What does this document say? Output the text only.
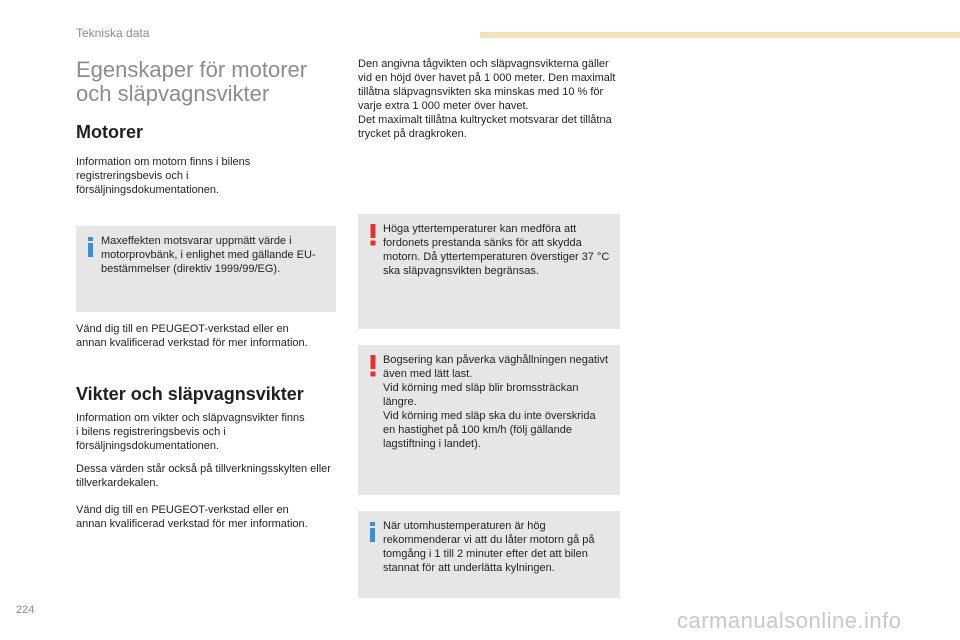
Tekniska data
Egenskaper för motorer och släpvagnsvikter
Motorer
Information om motorn finns i bilens registreringsbevis och i försäljningsdokumentationen.
Maxeffekten motsvarar uppmätt värde i motorprovbänk, i enlighet med gällande EU-bestämmelser (direktiv 1999/99/EG).
Vänd dig till en PEUGEOT-verkstad eller en annan kvalificerad verkstad för mer information.
Vikter och släpvagnsvikter
Information om vikter och släpvagnsvikter finns i bilens registreringsbevis och i försäljningsdokumentationen.
Dessa värden står också på tillverkningsskylten eller tillverkardekalen.
Vänd dig till en PEUGEOT-verkstad eller en annan kvalificerad verkstad för mer information.
Den angivna tågvikten och släpvagnsvikterna gäller vid en höjd över havet på 1 000 meter. Den maximalt tillåtna släpvagnsvikten ska minskas med 10 % för varje extra 1 000 meter över havet.
Det maximalt tillåtna kultrycket motsvarar det tillåtna trycket på dragkroken.
Höga yttertemperaturer kan medföra att fordonets prestanda sänks för att skydda motorn. Då yttertemperaturen överstiger 37 °C ska släpvagnsvikten begränsas.
Bogsering kan påverka väghållningen negativt även med lätt last.
Vid körning med släp blir bromssträckan längre.
Vid körning med släp ska du inte överskrida en hastighet på 100 km/h (följ gällande lagstiftning i landet).
När utomhustemperaturen är hög rekommenderar vi att du låter motorn gå på tomgång i 1 till 2 minuter efter det att bilen stannat för att underlätta kylningen.
224	carmanualsonline.info
